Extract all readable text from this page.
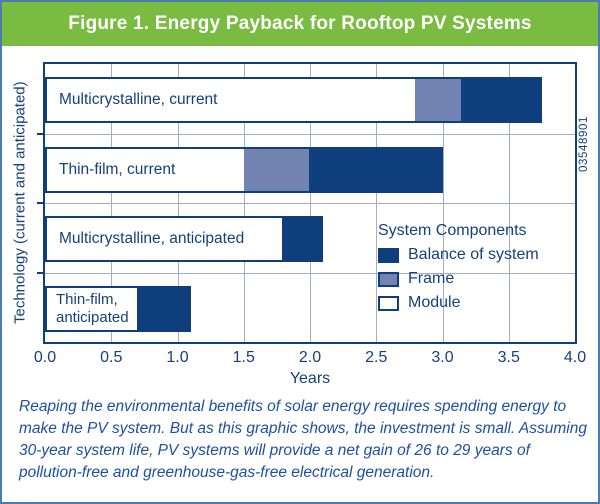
Figure 1. Energy Payback for Rooftop PV Systems
Technology (current and anticipated)	Multicrystalline, current
Thin-film, current
Multicrystalline, anticipated
Thin-film, anticipated
System Components
Balance of system
Frame
Module
03548901
0.0	0.5	1.0	1.5	2.0	2.5	3.0	3.5	4.0
Years
Reaping the environmental benefits of solar energy requires spending energy to make the PV system. But as this graphic shows, the investment is small. Assuming 30-year system life, PV systems will provide a net gain of 26 to 29 years of pollution-free and greenhouse-gas-free electrical generation.
